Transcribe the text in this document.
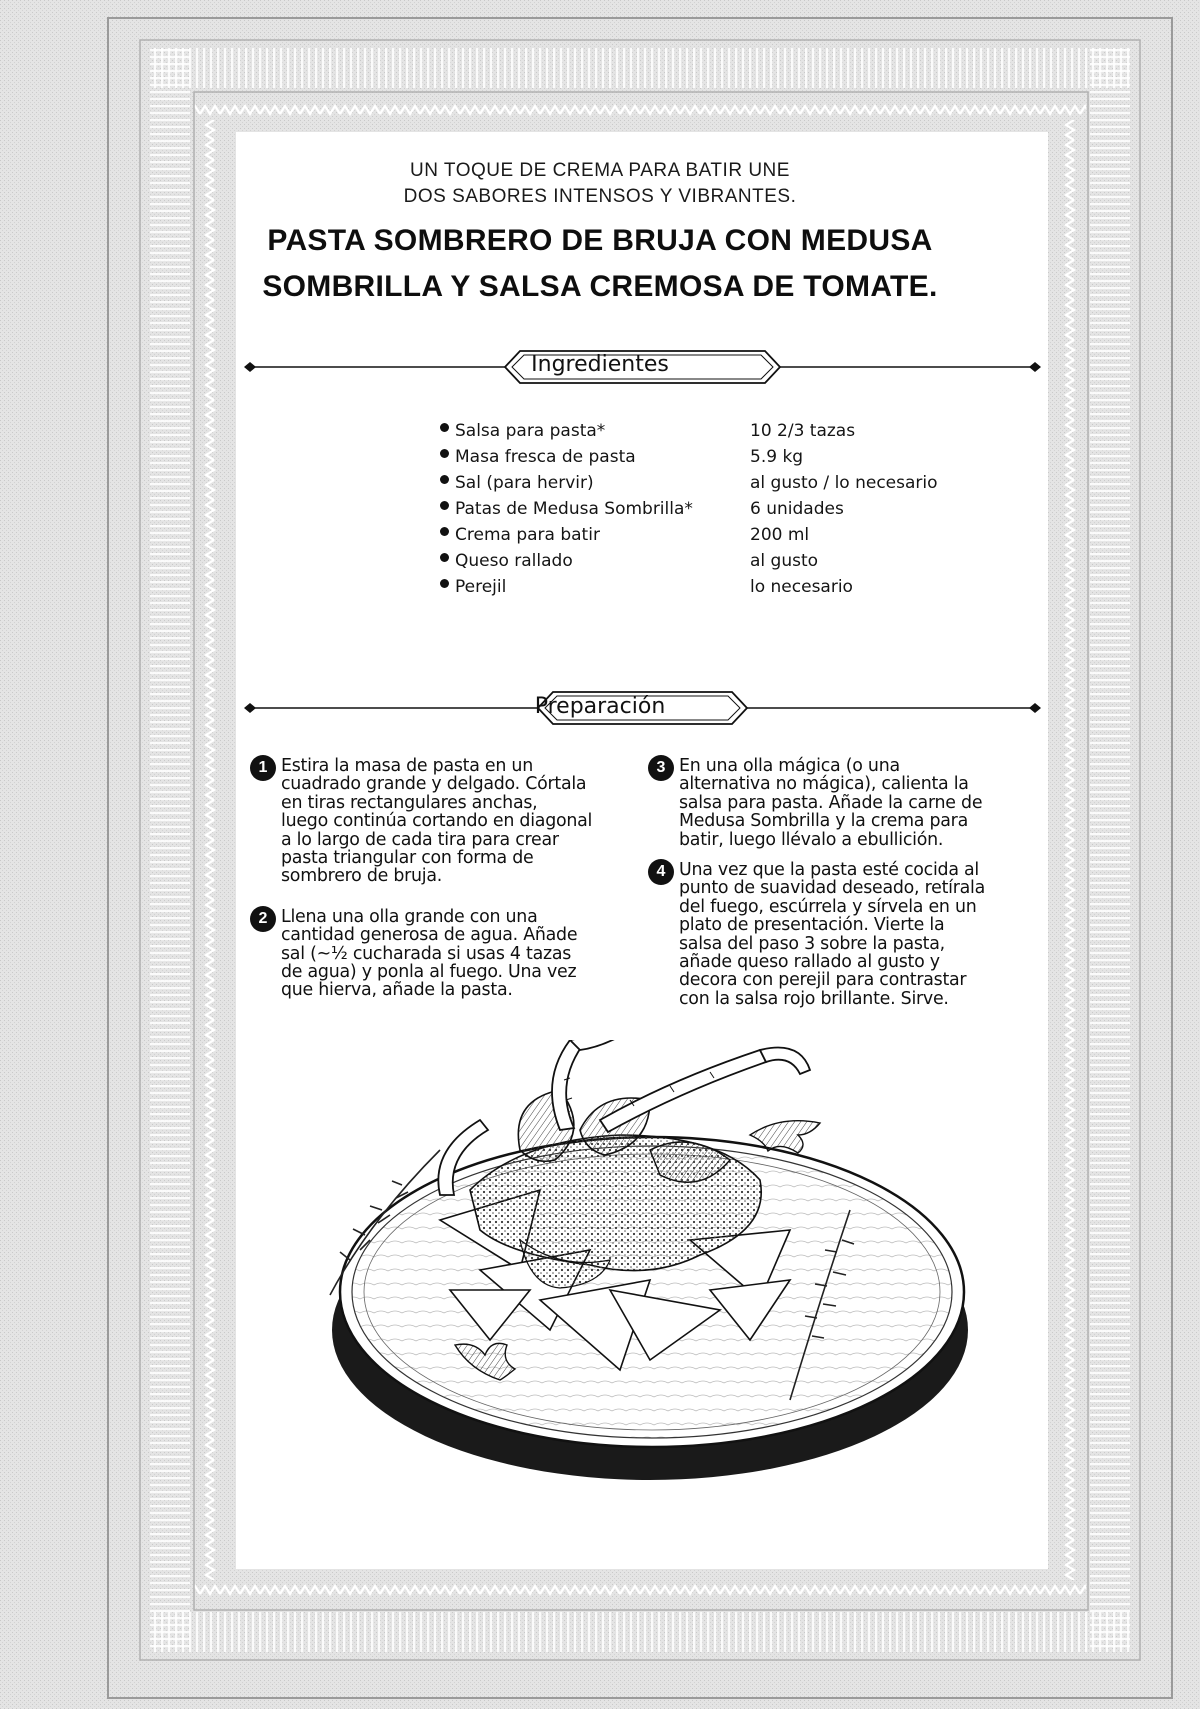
UN TOQUE DE CREMA PARA BATIR UNE
DOS SABORES INTENSOS Y VIBRANTES.
PASTA SOMBRERO DE BRUJA CON MEDUSA
SOMBRILLA Y SALSA CREMOSA DE TOMATE.
Ingredientes
Salsa para pasta*	10 2/3 tazas
Masa fresca de pasta	5.9 kg
Sal (para hervir)	al gusto / lo necesario
Patas de Medusa Sombrilla*	6 unidades
Crema para batir	200 ml
Queso rallado	al gusto
Perejil	lo necesario
Preparación
1 Estira la masa de pasta en un
cuadrado grande y delgado. Córtala
en tiras rectangulares anchas,
luego continúa cortando en diagonal
a lo largo de cada tira para crear
pasta triangular con forma de
sombrero de bruja.
2 Llena una olla grande con una
cantidad generosa de agua. Añade
sal (~½ cucharada si usas 4 tazas
de agua) y ponla al fuego. Una vez
que hierva, añade la pasta.
3 En una olla mágica (o una
alternativa no mágica), calienta la
salsa para pasta. Añade la carne de
Medusa Sombrilla y la crema para
batir, luego llévalo a ebullición.
4 Una vez que la pasta esté cocida al
punto de suavidad deseado, retírala
del fuego, escúrrela y sírvela en un
plato de presentación. Vierte la
salsa del paso 3 sobre la pasta,
añade queso rallado al gusto y
decora con perejil para contrastar
con la salsa rojo brillante. Sirve.
